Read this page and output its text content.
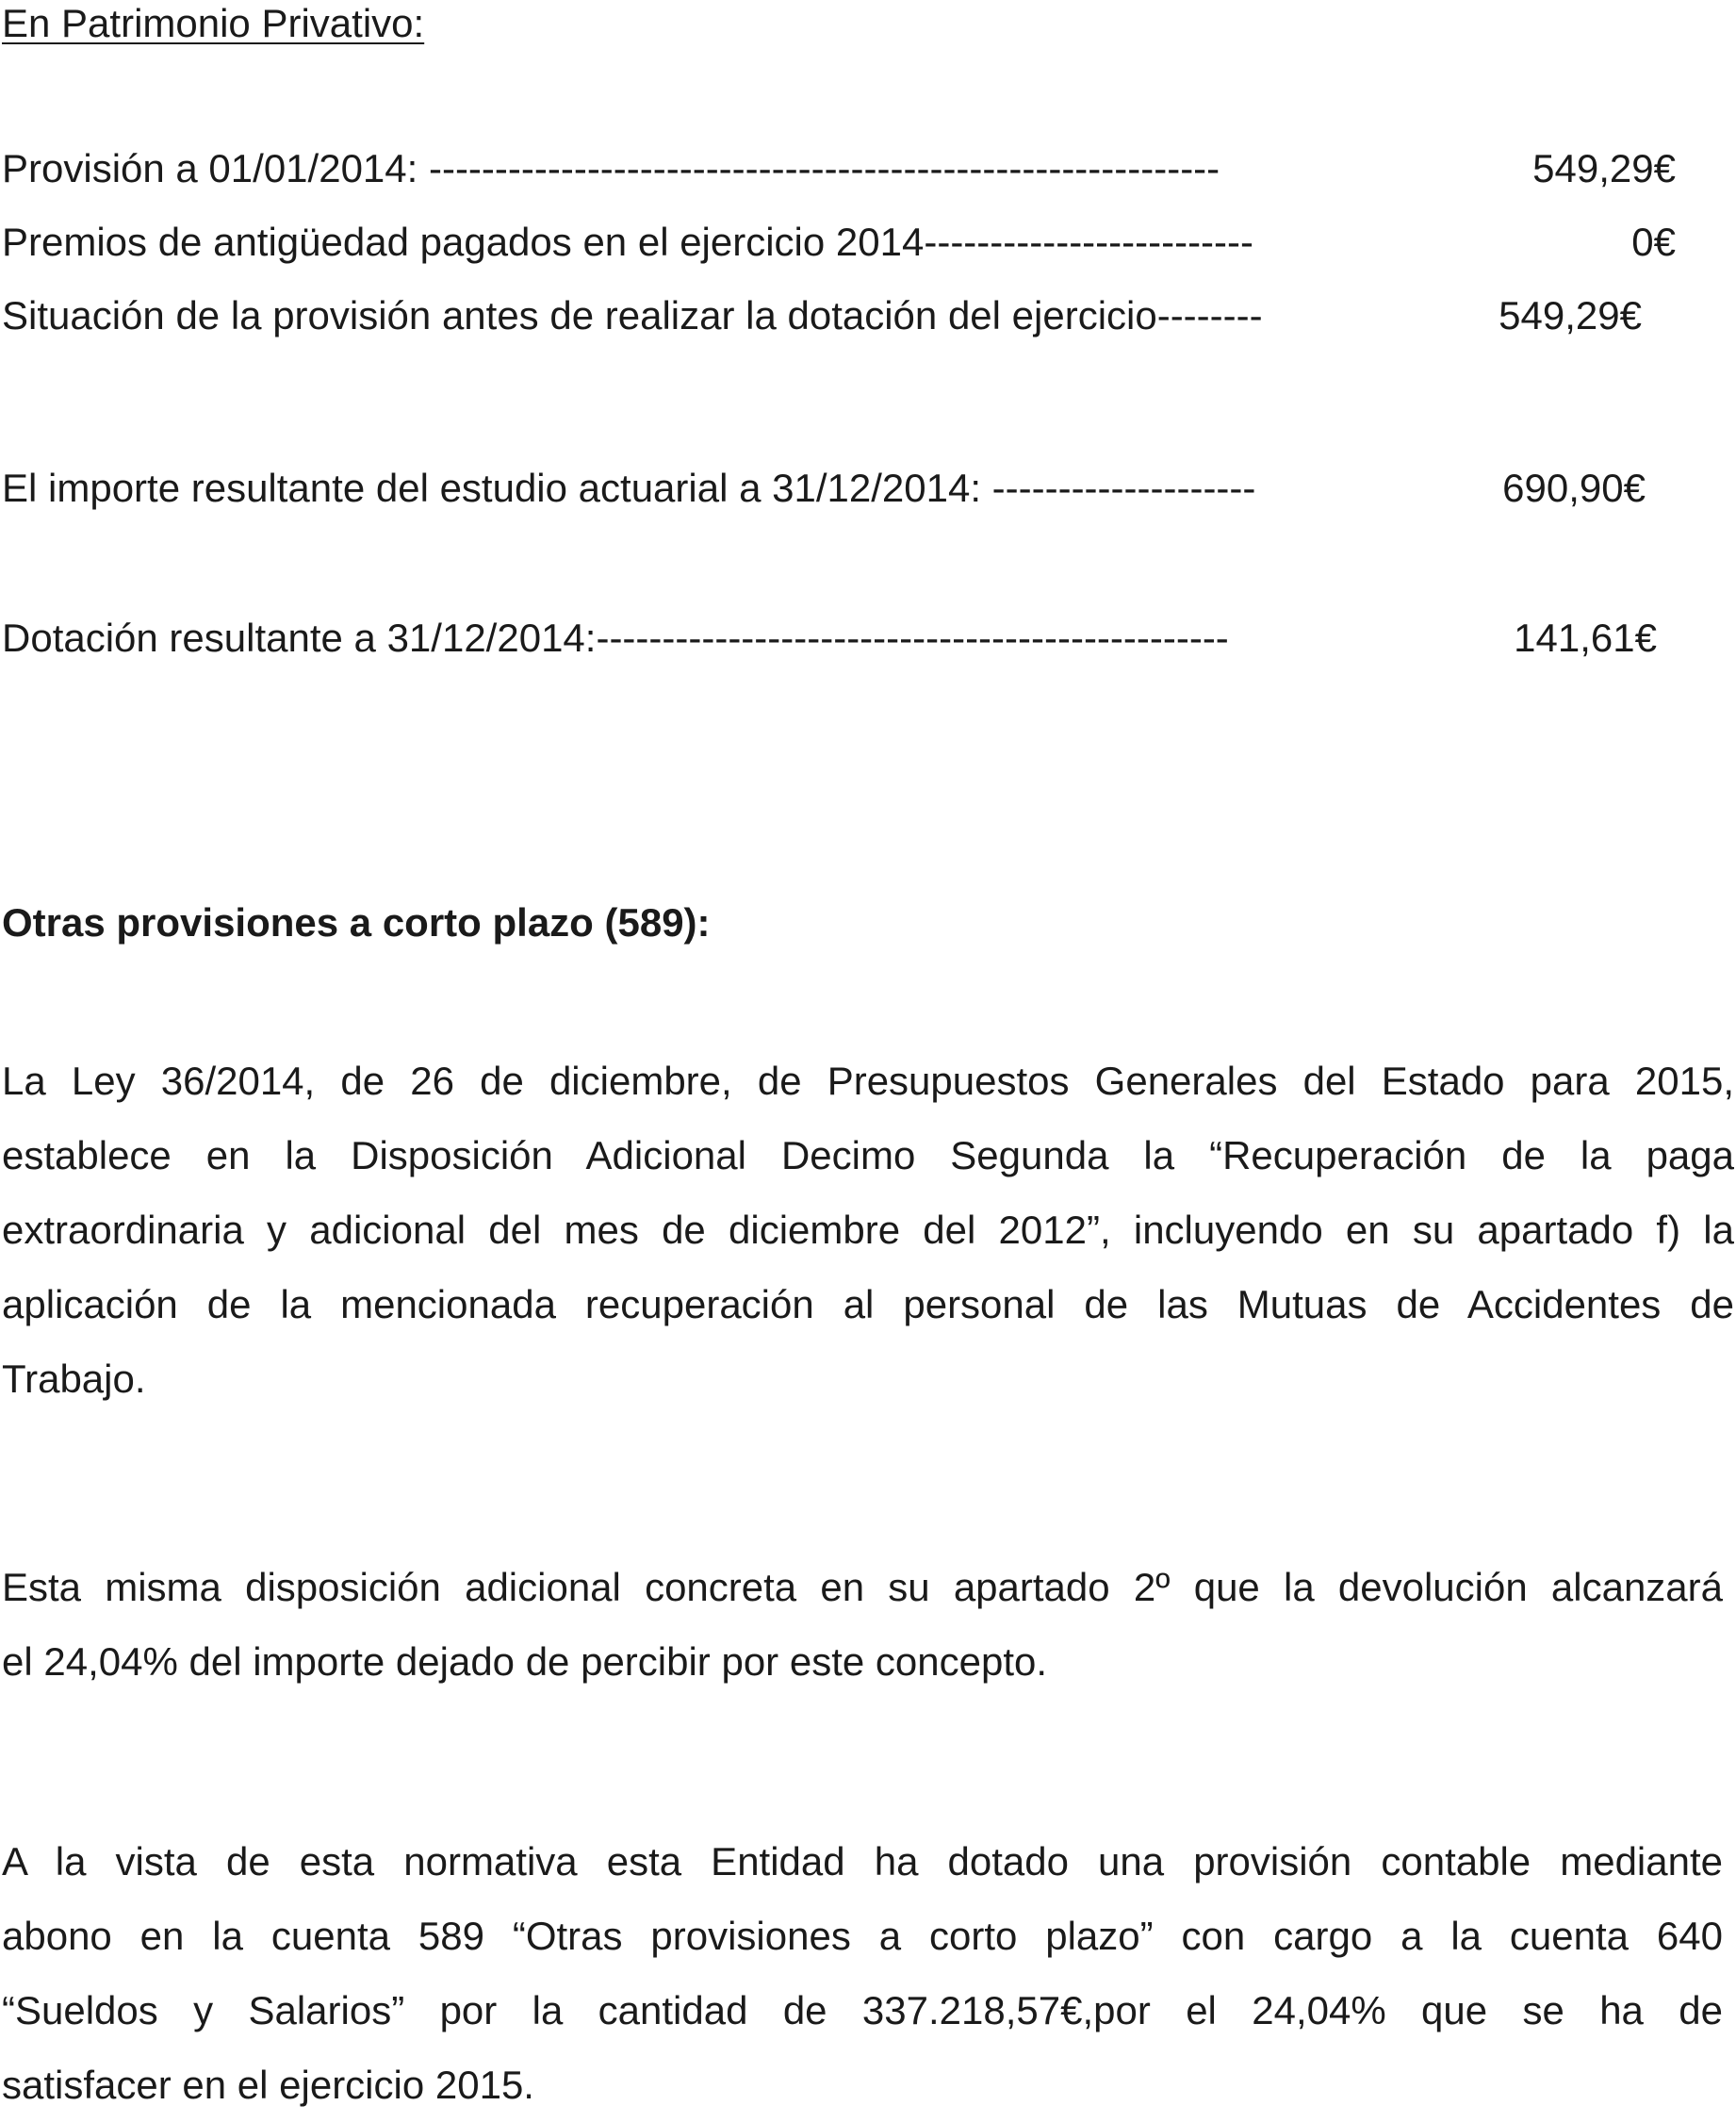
En Patrimonio Privativo:
Provisión a 01/01/2014: ------------------------------------------------------------	549,29€
Premios de antigüedad pagados en el ejercicio 2014-------------------------	0€
Situación de la provisión antes de realizar la dotación del ejercicio--------	549,29€
El importe resultante del estudio actuarial a 31/12/2014: --------------------	690,90€
Dotación resultante a 31/12/2014:------------------------------------------------	141,61€
Otras provisiones a corto plazo (589):
La Ley 36/2014, de 26 de diciembre, de Presupuestos Generales del Estado para 2015,
establece en la Disposición Adicional Decimo Segunda la “Recuperación de la paga
extraordinaria y adicional del mes de diciembre del 2012”, incluyendo en su apartado f) la
aplicación de la mencionada recuperación al personal de las Mutuas de Accidentes de
Trabajo.
Esta misma disposición adicional concreta en su apartado 2º que la devolución alcanzará
el 24,04% del importe dejado de percibir por este concepto.
A la vista de esta normativa esta Entidad ha dotado una provisión contable mediante
abono en la cuenta 589 “Otras provisiones a corto plazo” con cargo a la cuenta 640
“Sueldos y Salarios” por la cantidad de 337.218,57€,por el 24,04% que se ha de
satisfacer en el ejercicio 2015.
